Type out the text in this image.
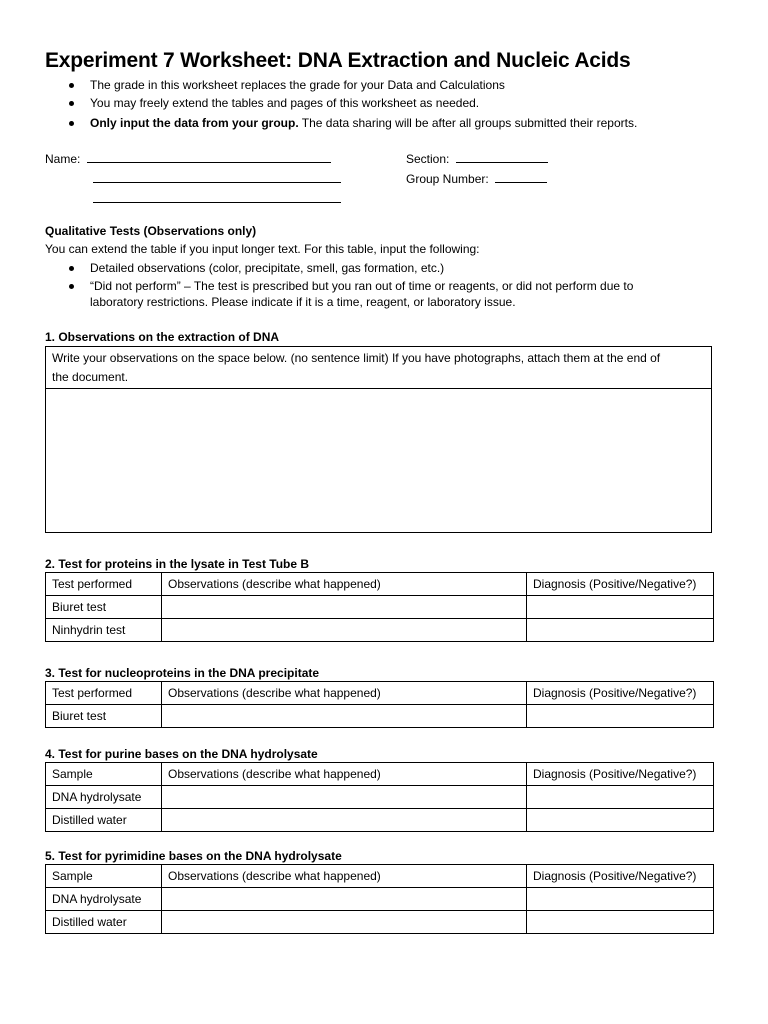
Experiment 7 Worksheet: DNA Extraction and Nucleic Acids
The grade in this worksheet replaces the grade for your Data and Calculations
You may freely extend the tables and pages of this worksheet as needed.
Only input the data from your group. The data sharing will be after all groups submitted their reports.
Name:	Section:
Group Number:
Qualitative Tests (Observations only)
You can extend the table if you input longer text. For this table, input the following:
Detailed observations (color, precipitate, smell, gas formation, etc.)
“Did not perform” – The test is prescribed but you ran out of time or reagents, or did not perform due to
laboratory restrictions. Please indicate if it is a time, reagent, or laboratory issue.
1. Observations on the extraction of DNA
Write your observations on the space below. (no sentence limit) If you have photographs, attach them at the end of
the document.
2. Test for proteins in the lysate in Test Tube B
Test performed	Observations (describe what happened)	Diagnosis (Positive/Negative?)
Biuret test		
Ninhydrin test		
3. Test for nucleoproteins in the DNA precipitate
Test performed	Observations (describe what happened)	Diagnosis (Positive/Negative?)
Biuret test		
4. Test for purine bases on the DNA hydrolysate
Sample	Observations (describe what happened)	Diagnosis (Positive/Negative?)
DNA hydrolysate		
Distilled water		
5. Test for pyrimidine bases on the DNA hydrolysate
Sample	Observations (describe what happened)	Diagnosis (Positive/Negative?)
DNA hydrolysate		
Distilled water		
